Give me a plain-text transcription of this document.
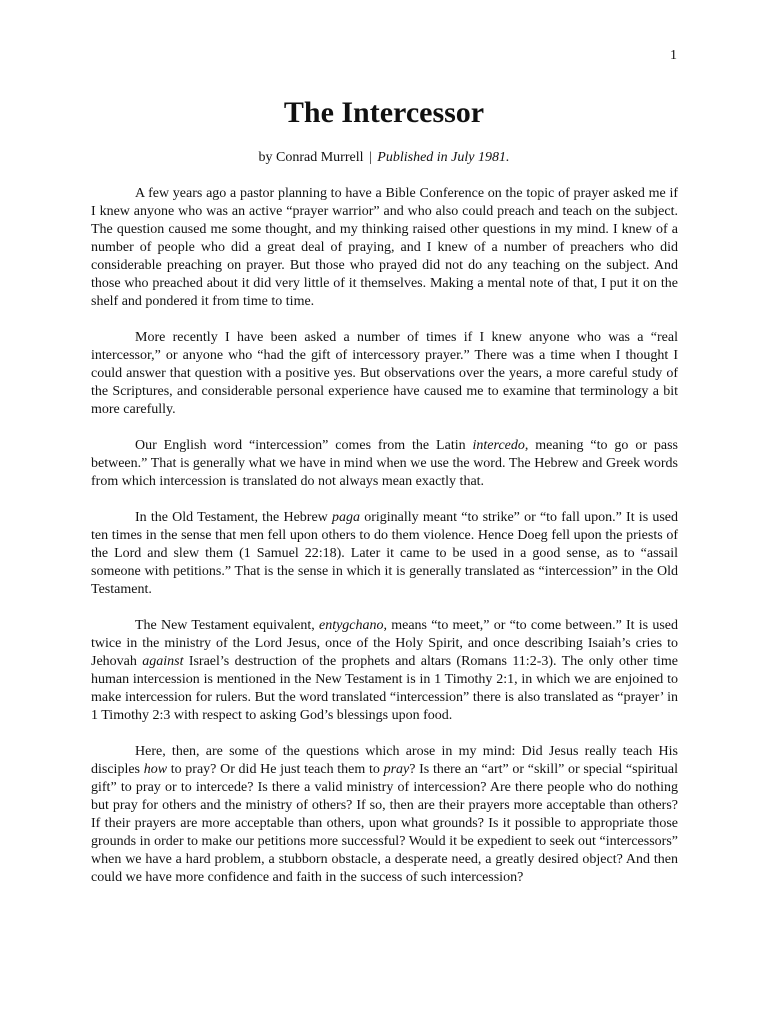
1
The Intercessor
by Conrad Murrell | Published in July 1981.

A few years ago a pastor planning to have a Bible Conference on the topic of prayer asked me if I knew anyone who was an active “prayer warrior” and who also could preach and teach on the subject. The question caused me some thought, and my thinking raised other questions in my mind. I knew of a number of people who did a great deal of praying, and I knew of a number of preachers who did considerable preaching on prayer. But those who prayed did not do any teaching on the subject. And those who preached about it did very little of it themselves. Making a mental note of that, I put it on the shelf and pondered it from time to time.

More recently I have been asked a number of times if I knew anyone who was a “real intercessor,” or anyone who “had the gift of intercessory prayer.” There was a time when I thought I could answer that question with a positive yes. But observations over the years, a more careful study of the Scriptures, and considerable personal experience have caused me to examine that terminology a bit more carefully.

Our English word “intercession” comes from the Latin intercedo, meaning “to go or pass between.” That is generally what we have in mind when we use the word. The Hebrew and Greek words from which intercession is translated do not always mean exactly that.

In the Old Testament, the Hebrew paga originally meant “to strike” or “to fall upon.” It is used ten times in the sense that men fell upon others to do them violence. Hence Doeg fell upon the priests of the Lord and slew them (1 Samuel 22:18). Later it came to be used in a good sense, as to “assail someone with petitions.” That is the sense in which it is generally translated as “intercession” in the Old Testament.

The New Testament equivalent, entygchano, means “to meet,” or “to come between.” It is used twice in the ministry of the Lord Jesus, once of the Holy Spirit, and once describing Isaiah’s cries to Jehovah against Israel’s destruction of the prophets and altars (Romans 11:2-3). The only other time human intercession is mentioned in the New Testament is in 1 Timothy 2:1, in which we are enjoined to make intercession for rulers. But the word translated “intercession” there is also translated as “prayer’ in 1 Timothy 2:3 with respect to asking God’s blessings upon food.

Here, then, are some of the questions which arose in my mind: Did Jesus really teach His disciples how to pray? Or did He just teach them to pray? Is there an “art” or “skill” or special “spiritual gift” to pray or to intercede? Is there a valid ministry of intercession? Are there people who do nothing but pray for others and the ministry of others? If so, then are their prayers more acceptable than others? If their prayers are more acceptable than others, upon what grounds? Is it possible to appropriate those grounds in order to make our petitions more successful? Would it be expedient to seek out “intercessors” when we have a hard problem, a stubborn obstacle, a desperate need, a greatly desired object? And then could we have more confidence and faith in the success of such intercession?
